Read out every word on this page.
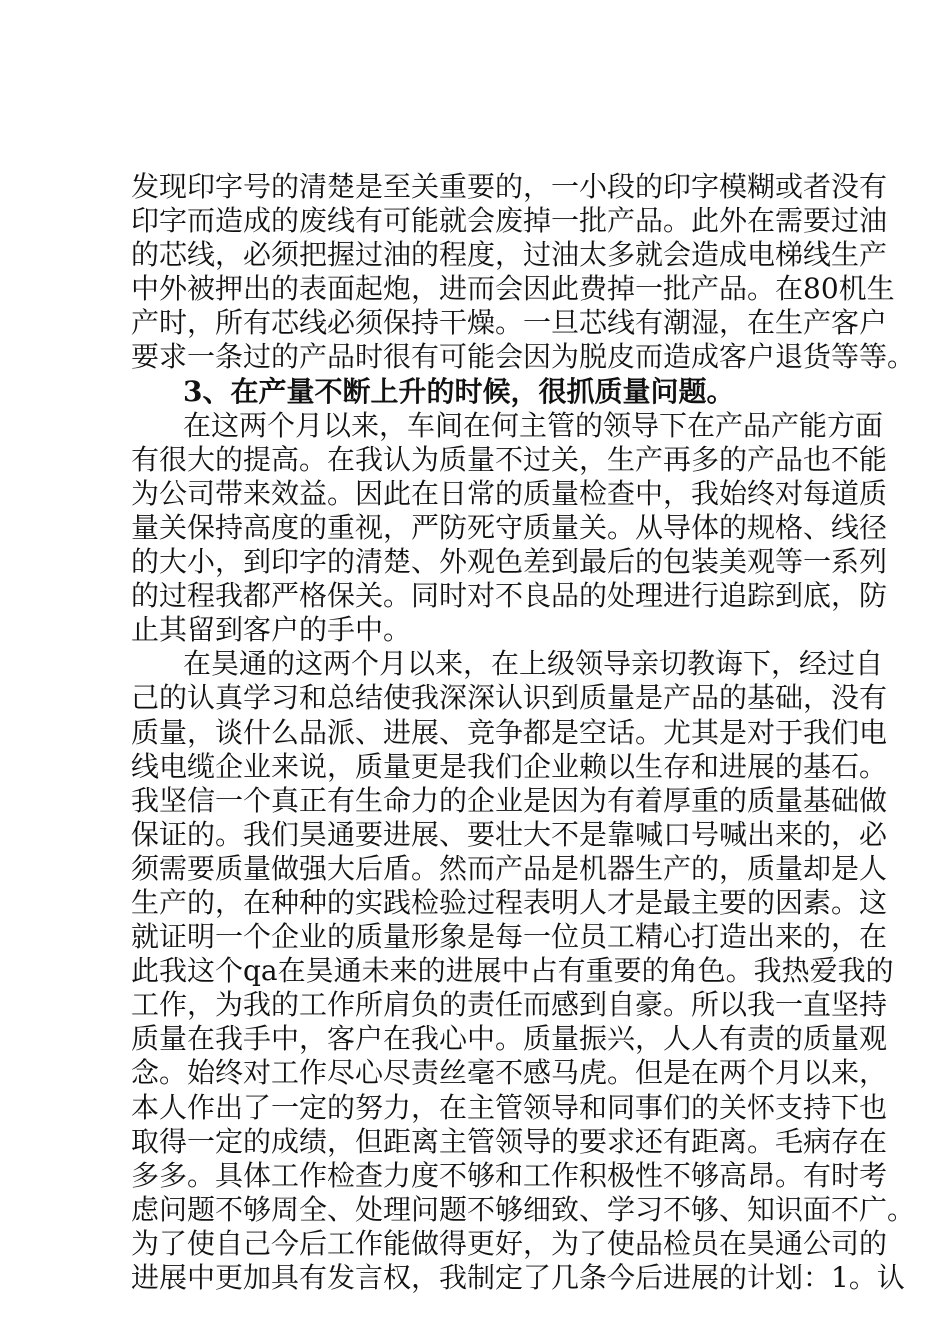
发现印字号的清楚是至关重要的，一小段的印字模糊或者没有
印字而造成的废线有可能就会废掉一批产品。此外在需要过油
的芯线，必须把握过油的程度，过油太多就会造成电梯线生产
中外被押出的表面起炮，进而会因此费掉一批产品。在80机生
产时，所有芯线必须保持干燥。一旦芯线有潮湿，在生产客户
要求一条过的产品时很有可能会因为脱皮而造成客户退货等等。
3、在产量不断上升的时候，很抓质量问题。
在这两个月以来，车间在何主管的领导下在产品产能方面
有很大的提高。在我认为质量不过关，生产再多的产品也不能
为公司带来效益。因此在日常的质量检查中，我始终对每道质
量关保持高度的重视，严防死守质量关。从导体的规格、线径
的大小，到印字的清楚、外观色差到最后的包装美观等一系列
的过程我都严格保关。同时对不良品的处理进行追踪到底，防
止其留到客户的手中。
在昊通的这两个月以来，在上级领导亲切教诲下，经过自
己的认真学习和总结使我深深认识到质量是产品的基础，没有
质量，谈什么品派、进展、竞争都是空话。尤其是对于我们电
线电缆企业来说，质量更是我们企业赖以生存和进展的基石。
我坚信一个真正有生命力的企业是因为有着厚重的质量基础做
保证的。我们昊通要进展、要壮大不是靠喊口号喊出来的，必
须需要质量做强大后盾。然而产品是机器生产的，质量却是人
生产的，在种种的实践检验过程表明人才是最主要的因素。这
就证明一个企业的质量形象是每一位员工精心打造出来的，在
此我这个qa在昊通未来的进展中占有重要的角色。我热爱我的
工作，为我的工作所肩负的责任而感到自豪。所以我一直坚持
质量在我手中，客户在我心中。质量振兴，人人有责的质量观
念。始终对工作尽心尽责丝毫不感马虎。但是在两个月以来，
本人作出了一定的努力，在主管领导和同事们的关怀支持下也
取得一定的成绩，但距离主管领导的要求还有距离。毛病存在
多多。具体工作检查力度不够和工作积极性不够高昂。有时考
虑问题不够周全、处理问题不够细致、学习不够、知识面不广。
为了使自己今后工作能做得更好，为了使品检员在昊通公司的
进展中更加具有发言权，我制定了几条今后进展的计划：1。认
